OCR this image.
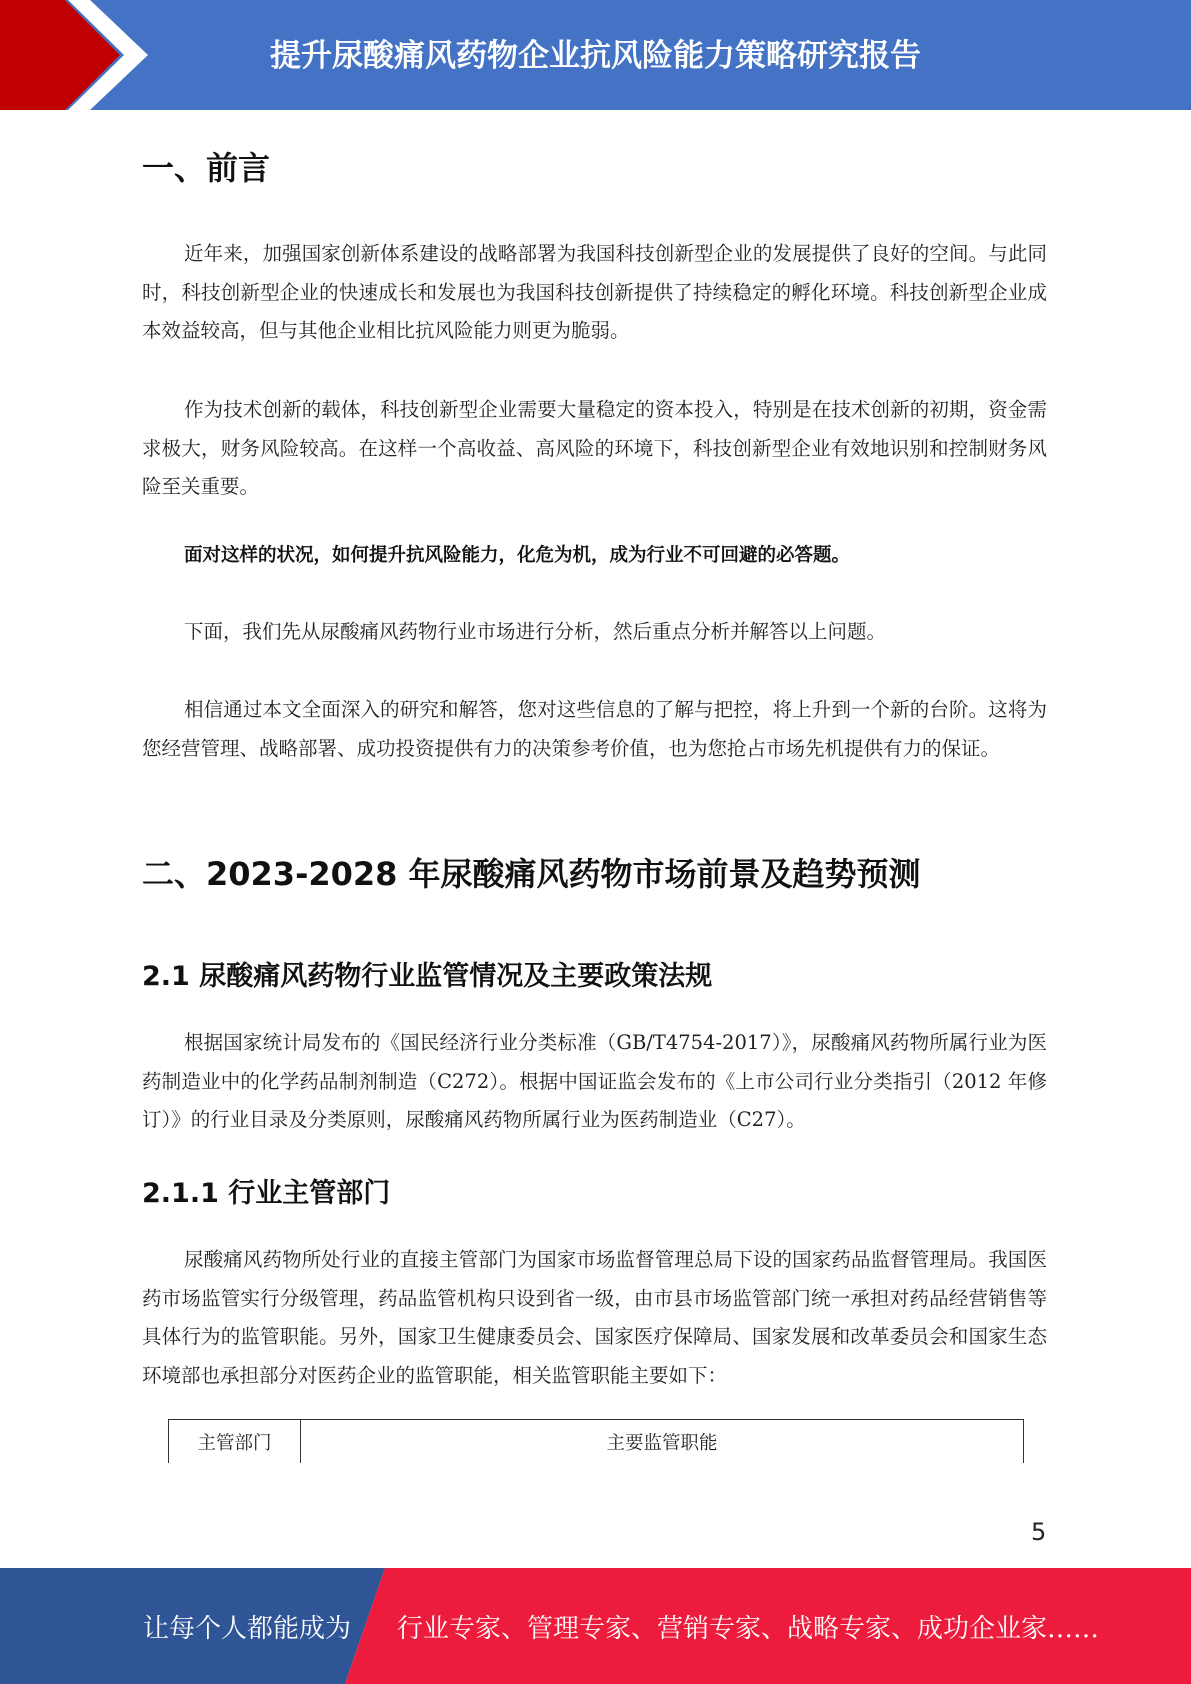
提升尿酸痛风药物企业抗风险能力策略研究报告
一、前言

近年来，加强国家创新体系建设的战略部署为我国科技创新型企业的发展提供了良好的空间。与此同时，科技创新型企业的快速成长和发展也为我国科技创新提供了持续稳定的孵化环境。科技创新型企业成本效益较高，但与其他企业相比抗风险能力则更为脆弱。

作为技术创新的载体，科技创新型企业需要大量稳定的资本投入，特别是在技术创新的初期，资金需求极大，财务风险较高。在这样一个高收益、高风险的环境下，科技创新型企业有效地识别和控制财务风险至关重要。

面对这样的状况，如何提升抗风险能力，化危为机，成为行业不可回避的必答题。

下面，我们先从尿酸痛风药物行业市场进行分析，然后重点分析并解答以上问题。

相信通过本文全面深入的研究和解答，您对这些信息的了解与把控，将上升到一个新的台阶。这将为您经营管理、战略部署、成功投资提供有力的决策参考价值，也为您抢占市场先机提供有力的保证。

二、2023-2028 年尿酸痛风药物市场前景及趋势预测
2.1 尿酸痛风药物行业监管情况及主要政策法规

根据国家统计局发布的《国民经济行业分类标准（GB/T4754-2017）》，尿酸痛风药物所属行业为医药制造业中的化学药品制剂制造（C272）。根据中国证监会发布的《上市公司行业分类指引（2012 年修订）》的行业目录及分类原则，尿酸痛风药物所属行业为医药制造业（C27）。

2.1.1 行业主管部门

尿酸痛风药物所处行业的直接主管部门为国家市场监督管理总局下设的国家药品监督管理局。我国医药市场监管实行分级管理，药品监管机构只设到省一级，由市县市场监管部门统一承担对药品经营销售等具体行为的监管职能。另外，国家卫生健康委员会、国家医疗保障局、国家发展和改革委员会和国家生态环境部也承担部分对医药企业的监管职能，相关监管职能主要如下：

主管部门	主要监管职能
5
让每个人都能成为 行业专家、管理专家、营销专家、战略专家、成功企业家……
